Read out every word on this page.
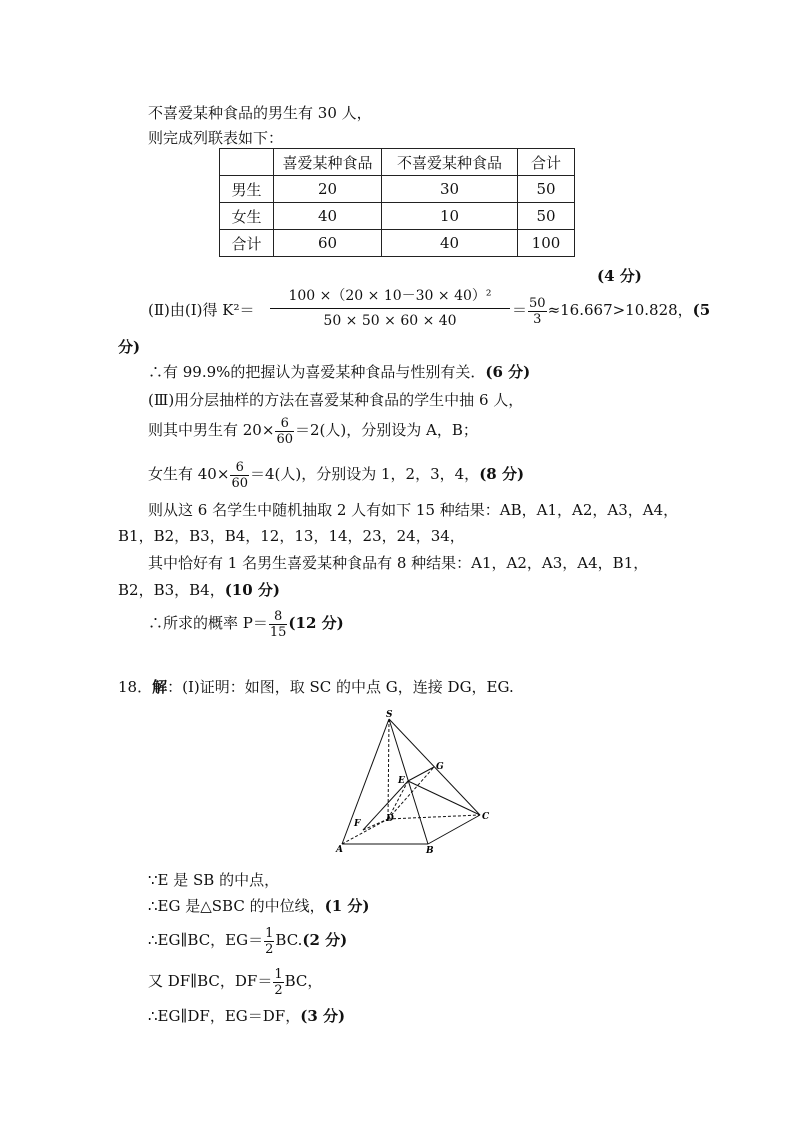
不喜爱某种食品的男生有 30 人，
则完成列联表如下：
	喜爱某种食品	不喜爱某种食品	合计
男生	20	30	50
女生	40	10	50
合计	60	40	100
(4 分)
(Ⅱ)由(Ⅰ)得 $K^2= \frac{\text{100 ×（20 × 10－30 × 40）²}}{50 \times 50 \times 60 \times 40} = \frac{50}{3} \approx 16.667>10.828$，(5
分)
∴有 99.9%的把握认为喜爱某种食品与性别有关．(6 分)
(Ⅲ)用分层抽样的方法在喜爱某种食品的学生中抽 6 人，
则其中男生有 $20\times \frac{6}{60} =2$(人)，分别设为 A，B；
女生有 $40\times \frac{6}{60} =4$(人)，分别设为 1，2，3，4，(8 分)
则从这 6 名学生中随机抽取 2 人有如下 15 种结果：AB，A1，A2，A3，A4，
B1，B2，B3，B4，12，13，14，23，24，34，
其中恰好有 1 名男生喜爱某种食品有 8 种结果：A1，A2，A3，A4，B1，
B2，B3，B4，(10 分)
∴所求的概率 $P= \frac{8}{15} (12$ 分)
18．解：(Ⅰ)证明：如图，取 SC 的中点 G，连接 DG，EG.
S
E
G
D
F
C
A	B
∵E 是 SB 的中点，
∴EG 是△SBC 的中位线，(1 分)
∴EG∥BC，$EG= \frac{1}{2} BC.(2$ 分)
又 DF∥BC，$DF= \frac{1}{2}$ BC，
∴EG∥DF，EG＝DF，(3 分)
